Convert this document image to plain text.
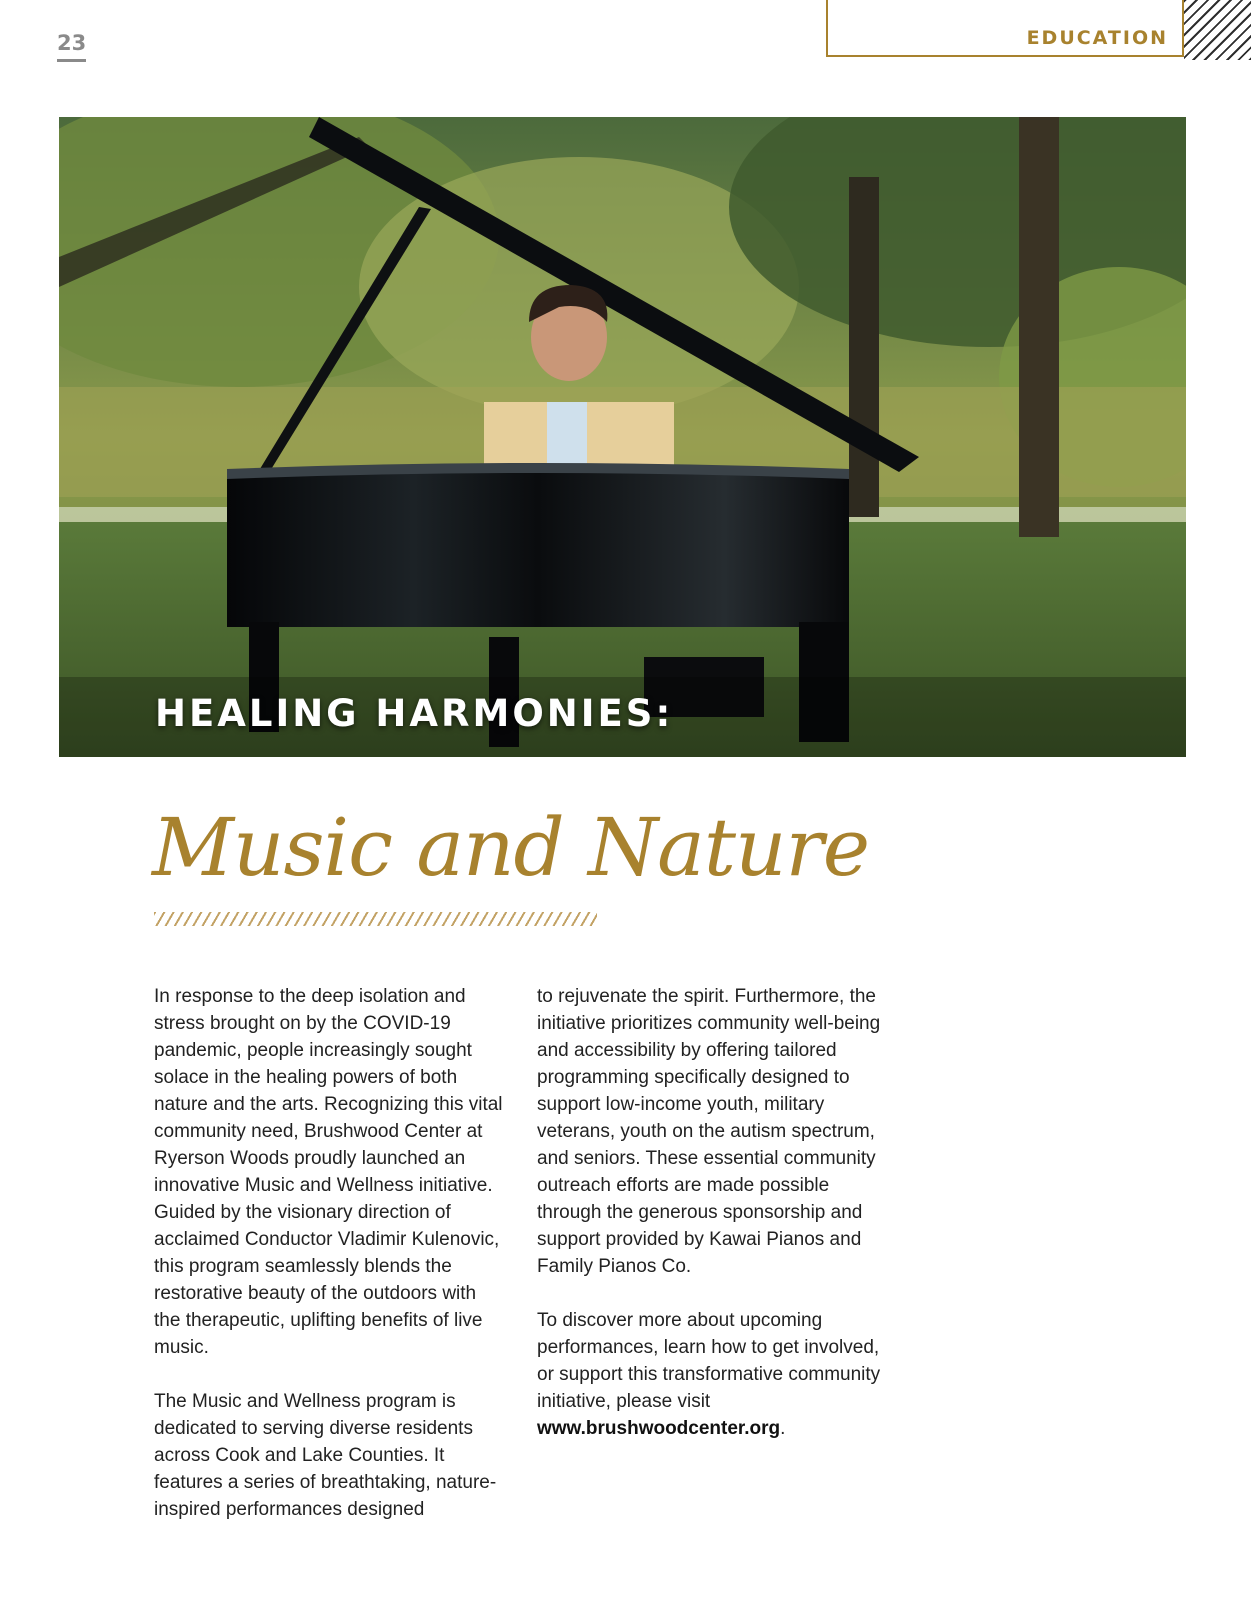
23	EDUCATION
HEALING HARMONIES:
Music and Nature

In response to the deep isolation and stress brought on by the COVID-19 pandemic, people increasingly sought solace in the healing powers of both nature and the arts. Recognizing this vital community need, Brushwood Center at Ryerson Woods proudly launched an innovative Music and Wellness initiative. Guided by the visionary direction of acclaimed Conductor Vladimir Kulenovic, this program seamlessly blends the restorative beauty of the outdoors with the therapeutic, uplifting benefits of live music.

The Music and Wellness program is dedicated to serving diverse residents across Cook and Lake Counties. It features a series of breathtaking, nature-inspired performances designed

to rejuvenate the spirit. Furthermore, the initiative prioritizes community well-being and accessibility by offering tailored programming specifically designed to support low-income youth, military veterans, youth on the autism spectrum, and seniors. These essential community outreach efforts are made possible through the generous sponsorship and support provided by Kawai Pianos and Family Pianos Co.

To discover more about upcoming performances, learn how to get involved, or support this transformative community initiative, please visit www.brushwoodcenter.org.
